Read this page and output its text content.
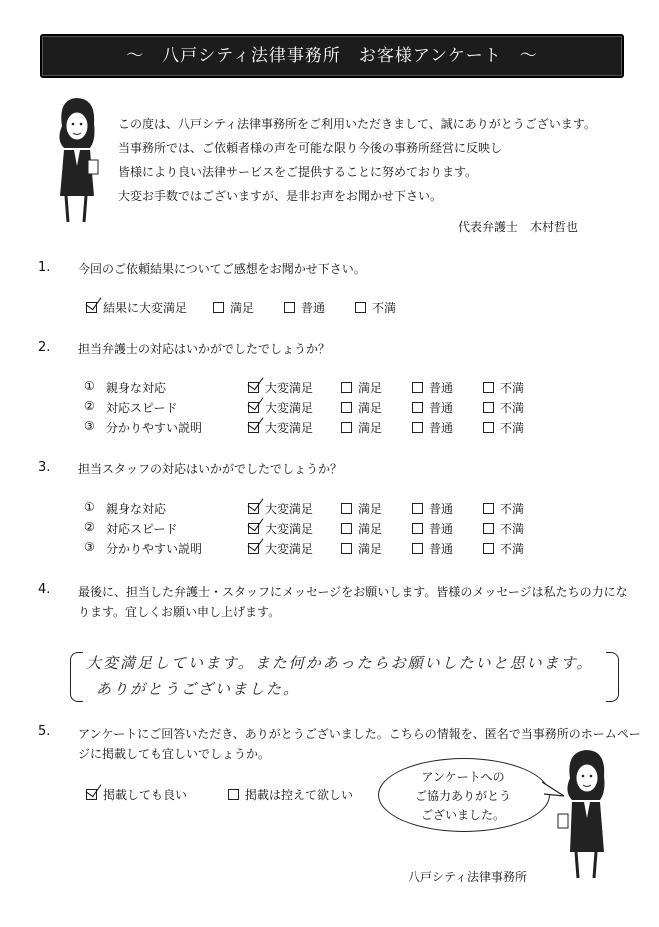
～　八戸シティ法律事務所　お客様アンケート　～

この度は、八戸シティ法律事務所をご利用いただきまして、誠にありがとうございます。

当事務所では、ご依頼者様の声を可能な限り今後の事務所経営に反映し

皆様により良い法律サービスをご提供することに努めております。

大変お手数ではございますが、是非お声をお聞かせ下さい。

代表弁護士　木村哲也
1. 今回のご依頼結果についてご感想をお聞かせ下さい。
結果に大変満足	満足	普通	不満
2. 担当弁護士の対応はいかがでしたでしょうか？
① 親身な対応	大変満足	満足	普通	不満
② 対応スピード	大変満足	満足	普通	不満
③ 分かりやすい説明	大変満足	満足	普通	不満
3. 担当スタッフの対応はいかがでしたでしょうか？
① 親身な対応	大変満足	満足	普通	不満
② 対応スピード	大変満足	満足	普通	不満
③ 分かりやすい説明	大変満足	満足	普通	不満
4. 最後に、担当した弁護士・スタッフにメッセージをお願いします。皆様のメッセージは私たちの力にな
ります。宜しくお願い申し上げます。
大変満足しています。また何かあったらお願いしたいと思います。
ありがとうございました。
5. アンケートにご回答いただき、ありがとうございました。こちらの情報を、匿名で当事務所のホームペー
ジに掲載しても宜しいでしょうか。
掲載しても良い	掲載は控えて欲しい
アンケートへの
ご協力ありがとう
ございました。
八戸シティ法律事務所
